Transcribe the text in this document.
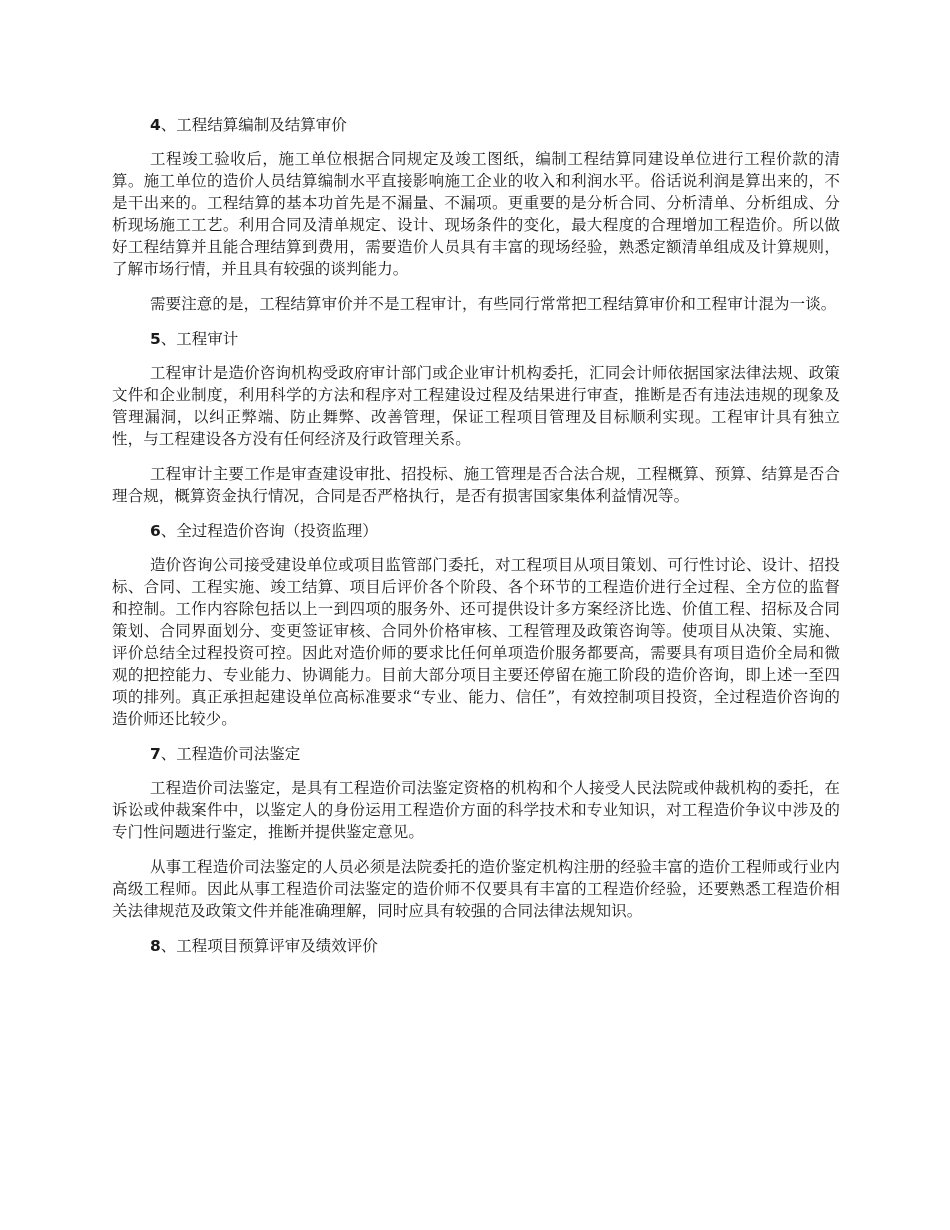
4、工程结算编制及结算审价

工程竣工验收后，施工单位根据合同规定及竣工图纸，编制工程结算同建设单位进行工程价款的清算。施工单位的造价人员结算编制水平直接影响施工企业的收入和利润水平。俗话说利润是算出来的，不是干出来的。工程结算的基本功首先是不漏量、不漏项。更重要的是分析合同、分析清单、分析组成、分析现场施工工艺。利用合同及清单规定、设计、现场条件的变化，最大程度的合理增加工程造价。所以做好工程结算并且能合理结算到费用，需要造价人员具有丰富的现场经验，熟悉定额清单组成及计算规则，了解市场行情，并且具有较强的谈判能力。

需要注意的是，工程结算审价并不是工程审计，有些同行常常把工程结算审价和工程审计混为一谈。

5、工程审计

工程审计是造价咨询机构受政府审计部门或企业审计机构委托，汇同会计师依据国家法律法规、政策文件和企业制度，利用科学的方法和程序对工程建设过程及结果进行审查，推断是否有违法违规的现象及管理漏洞，以纠正弊端、防止舞弊、改善管理，保证工程项目管理及目标顺利实现。工程审计具有独立性，与工程建设各方没有任何经济及行政管理关系。

工程审计主要工作是审查建设审批、招投标、施工管理是否合法合规，工程概算、预算、结算是否合理合规，概算资金执行情况，合同是否严格执行，是否有损害国家集体利益情况等。

6、全过程造价咨询（投资监理）

造价咨询公司接受建设单位或项目监管部门委托，对工程项目从项目策划、可行性讨论、设计、招投标、合同、工程实施、竣工结算、项目后评价各个阶段、各个环节的工程造价进行全过程、全方位的监督和控制。工作内容除包括以上一到四项的服务外、还可提供设计多方案经济比选、价值工程、招标及合同策划、合同界面划分、变更签证审核、合同外价格审核、工程管理及政策咨询等。使项目从决策、实施、评价总结全过程投资可控。因此对造价师的要求比任何单项造价服务都要高，需要具有项目造价全局和微观的把控能力、专业能力、协调能力。目前大部分项目主要还停留在施工阶段的造价咨询，即上述一至四项的排列。真正承担起建设单位高标准要求“专业、能力、信任”，有效控制项目投资，全过程造价咨询的造价师还比较少。

7、工程造价司法鉴定

工程造价司法鉴定，是具有工程造价司法鉴定资格的机构和个人接受人民法院或仲裁机构的委托，在诉讼或仲裁案件中，以鉴定人的身份运用工程造价方面的科学技术和专业知识，对工程造价争议中涉及的专门性问题进行鉴定，推断并提供鉴定意见。

从事工程造价司法鉴定的人员必须是法院委托的造价鉴定机构注册的经验丰富的造价工程师或行业内高级工程师。因此从事工程造价司法鉴定的造价师不仅要具有丰富的工程造价经验，还要熟悉工程造价相关法律规范及政策文件并能准确理解，同时应具有较强的合同法律法规知识。

8、工程项目预算评审及绩效评价
